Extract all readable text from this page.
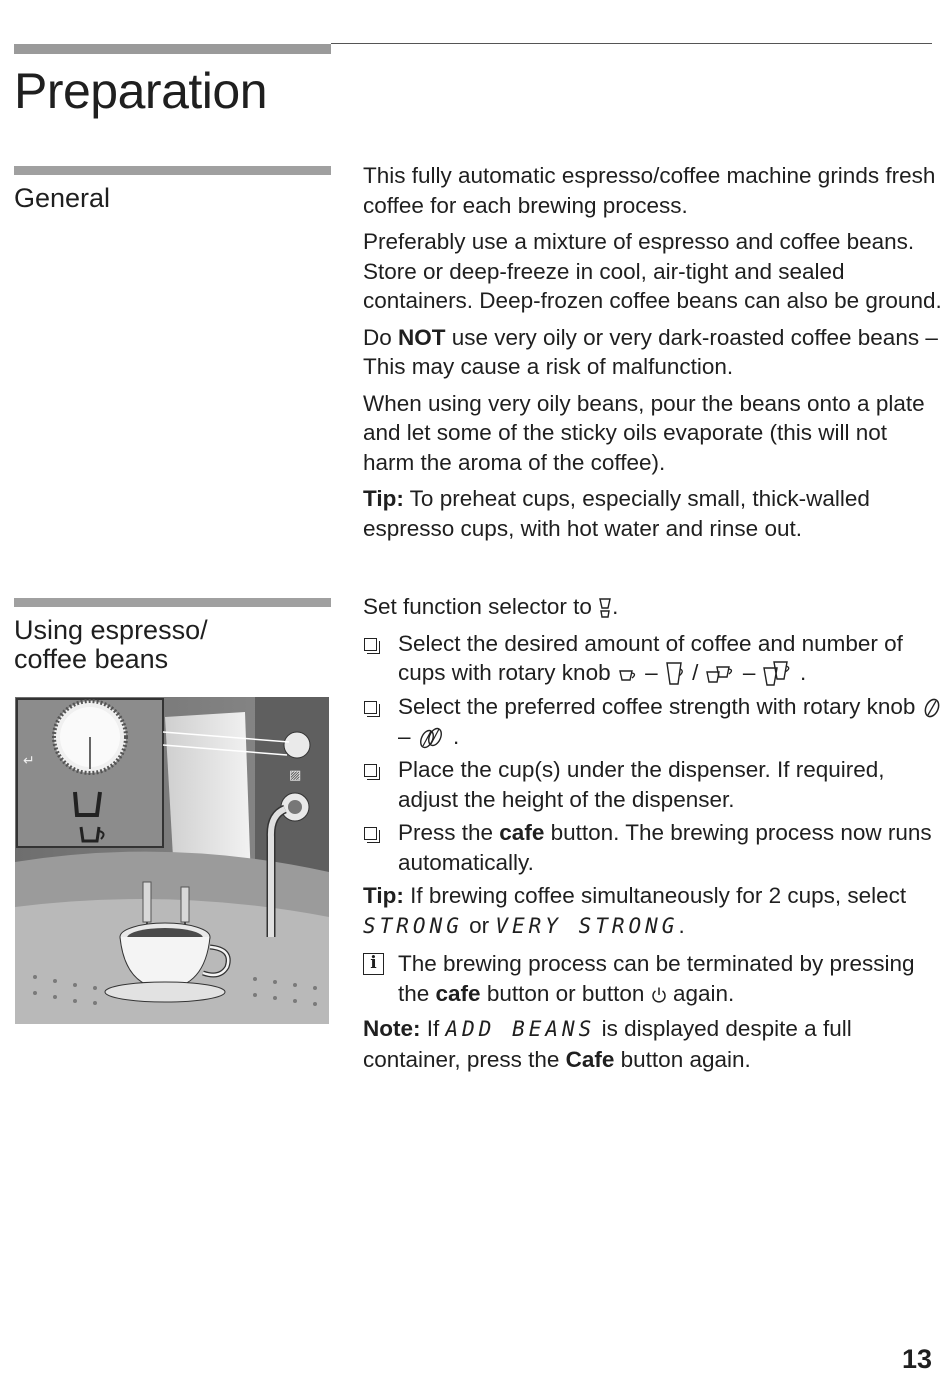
Preparation
General

This fully automatic espresso/coffee machine grinds fresh coffee for each brewing process.

Preferably use a mixture of espresso and coffee beans. Store or deep-freeze in cool, air-tight and sealed containers. Deep-frozen coffee beans can also be ground.

Do NOT use very oily or very dark-roasted coffee beans – This may cause a risk of malfunction.

When using very oily beans, pour the beans onto a plate and let some of the sticky oils evaporate (this will not harm the aroma of the coffee).

Tip: To preheat cups, especially small, thick-walled espresso cups, with hot water and rinse out.

Using espresso/
coffee beans
▨
↵

Set function selector to .

Select the desired amount of coffee and number of cups with rotary knob  –  /  –  .
Select the preferred coffee strength with rotary knob  –  .
Place the cup(s) under the dispenser. If required, adjust the height of the dispenser.
Press the cafe button. The brewing process now runs automatically.

Tip: If brewing coffee simultaneously for 2 cups, select STRONG or VERY STRONG.

i The brewing process can be terminated by pressing the cafe button or button  again.

Note: If ADD BEANS is displayed despite a full container, press the Cafe button again.

13
